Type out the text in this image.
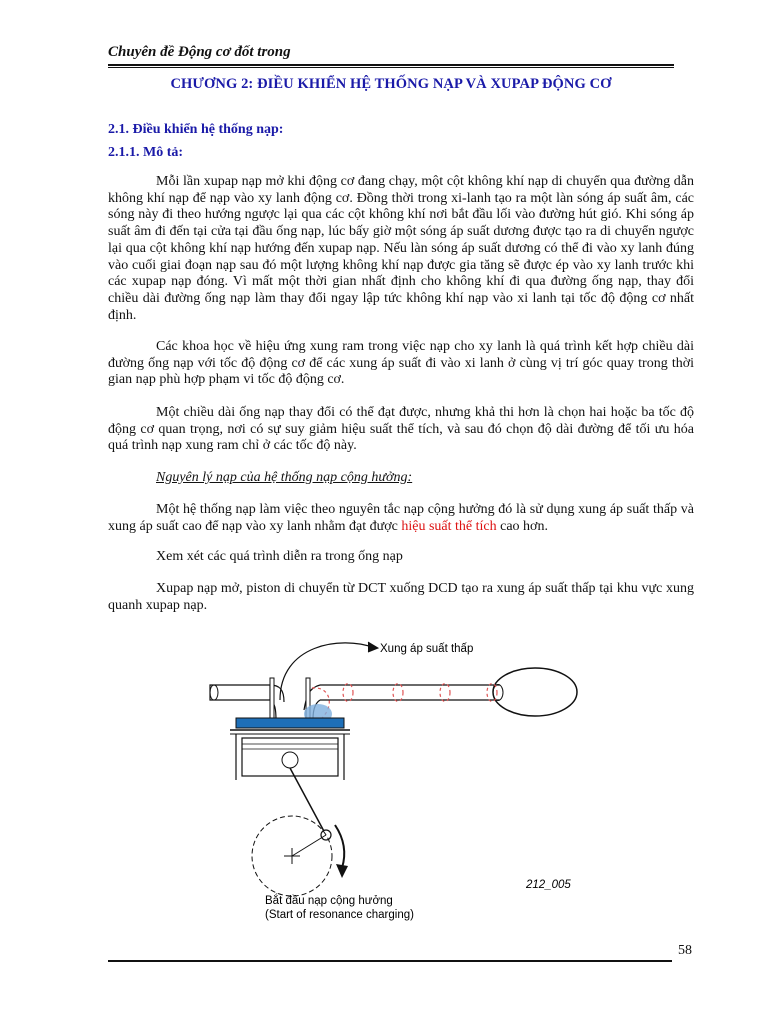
Chuyên đề Động cơ đốt trong
CHƯƠNG 2: ĐIỀU KHIỂN HỆ THỐNG NẠP VÀ XUPAP ĐỘNG CƠ
2.1. Điều khiển hệ thống nạp:
2.1.1. Mô tả:

Mỗi lần xupap nạp mở khi động cơ đang chạy, một cột không khí nạp di chuyển qua đường dẫn không khí nạp để nạp vào xy lanh động cơ. Đồng thời trong xi-lanh tạo ra một làn sóng áp suất âm, các sóng này đi theo hướng ngược lại qua các cột không khí nơi bắt đầu lối vào đường hút gió. Khi sóng áp suất âm đi đến tại cửa tại đầu ống nạp, lúc bấy giờ một sóng áp suất dương được tạo ra di chuyển ngược lại qua cột không khí nạp hướng đến xupap nạp. Nếu làn sóng áp suất dương có thể đi vào xy lanh đúng vào cuối giai đoạn nạp sau đó một lượng không khí nạp được gia tăng sẽ được ép vào xy lanh trước khi các xupap nạp đóng. Vì mất một thời gian nhất định cho không khí đi qua đường ống nạp, thay đổi chiều dài đường ống nạp làm thay đổi ngay lập tức không khí nạp vào xi lanh tại tốc độ động cơ nhất định.

Các khoa học về hiệu ứng xung ram trong việc nạp cho xy lanh là quá trình kết hợp chiều dài đường ống nạp với tốc độ động cơ để các xung áp suất đi vào xi lanh ở cùng vị trí góc quay trong thời gian nạp phù hợp phạm vi tốc độ động cơ.

Một chiều dài ống nạp thay đổi có thể đạt được, nhưng khả thi hơn là chọn hai hoặc ba tốc độ động cơ quan trọng, nơi có sự suy giảm hiệu suất thể tích, và sau đó chọn độ dài đường để tối ưu hóa quá trình nạp xung ram chỉ ở các tốc độ này.

Nguyên lý nạp của hệ thống nạp cộng hưởng:

Một hệ thống nạp làm việc theo nguyên tắc nạp cộng hưởng đó là sử dụng xung áp suất thấp và xung áp suất cao để nạp vào xy lanh nhằm đạt được hiệu suất thể tích cao hơn.

Xem xét các quá trình diễn ra trong ống nạp

Xupap nạp mở, piston di chuyển từ DCT xuống DCD tạo ra xung áp suất thấp tại khu vực xung quanh xupap nạp.

Xung áp suất thấp
212_005
Bắt đầu nạp cộng hưởng
(Start of resonance charging)
58
